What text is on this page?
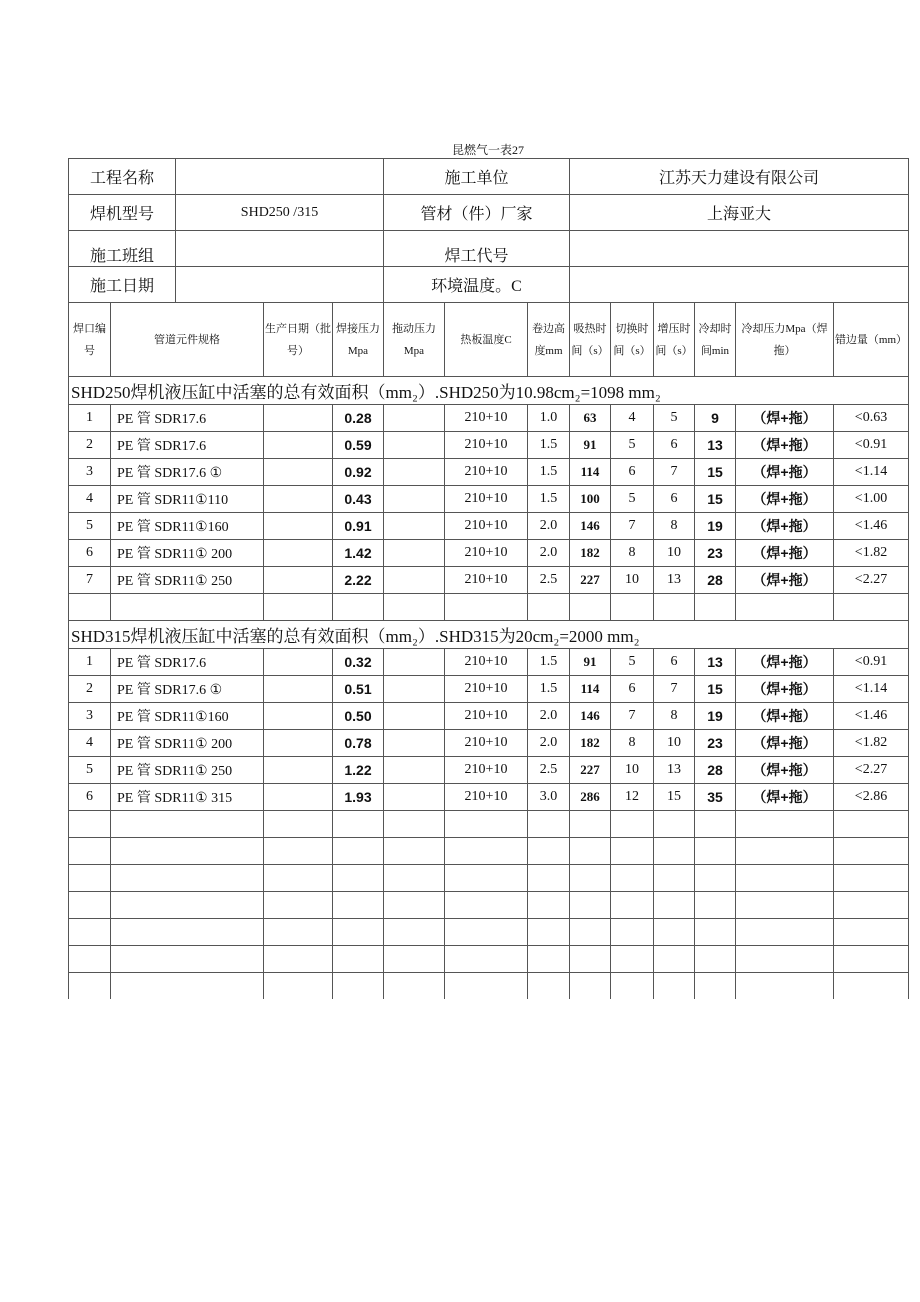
昆燃气一表27
工程名称		施工单位	江苏天力建设有限公司
焊机型号	SHD250 /315	管材（件）厂家	上海亚大
施工班组		焊工代号	
施工日期		环境温度。C	
焊口编号	管道元件规格	生产日期（批号）	焊接压力Mpa	拖动压力Mpa	热板温度C	卷边高度mm	吸热时间（s）	切换时间（s）	增压时间（s）	冷却时间min	冷却压力Mpa（焊拖）	错边量（mm）
SHD250焊机液压缸中活塞的总有效面积（mm₂）.SHD250为10.98cm₂=1098 mm₂												
1	PE 管 SDR17.6		0.28		210+10	1.0	63	4	5	9	（焊+拖）	<0.63
2	PE 管 SDR17.6		0.59		210+10	1.5	91	5	6	13	（焊+拖）	<0.91
3	PE 管 SDR17.6 ①		0.92		210+10	1.5	114	6	7	15	（焊+拖）	<1.14
4	PE 管 SDR11①110		0.43		210+10	1.5	100	5	6	15	（焊+拖）	<1.00
5	PE 管 SDR11①160		0.91		210+10	2.0	146	7	8	19	（焊+拖）	<1.46
6	PE 管 SDR11① 200		1.42		210+10	2.0	182	8	10	23	（焊+拖）	<1.82
7	PE 管 SDR11① 250		2.22		210+10	2.5	227	10	13	28	（焊+拖）	<2.27

SHD315焊机液压缸中活塞的总有效面积（mm₂）.SHD315为20cm₂=2000 mm₂												
1	PE 管 SDR17.6		0.32		210+10	1.5	91	5	6	13	（焊+拖）	<0.91
2	PE 管 SDR17.6 ①		0.51		210+10	1.5	114	6	7	15	（焊+拖）	<1.14
3	PE 管 SDR11①160		0.50		210+10	2.0	146	7	8	19	（焊+拖）	<1.46
4	PE 管 SDR11① 200		0.78		210+10	2.0	182	8	10	23	（焊+拖）	<1.82
5	PE 管 SDR11① 250		1.22		210+10	2.5	227	10	13	28	（焊+拖）	<2.27
6	PE 管 SDR11① 315		1.93		210+10	3.0	286	12	15	35	（焊+拖）	<2.86
